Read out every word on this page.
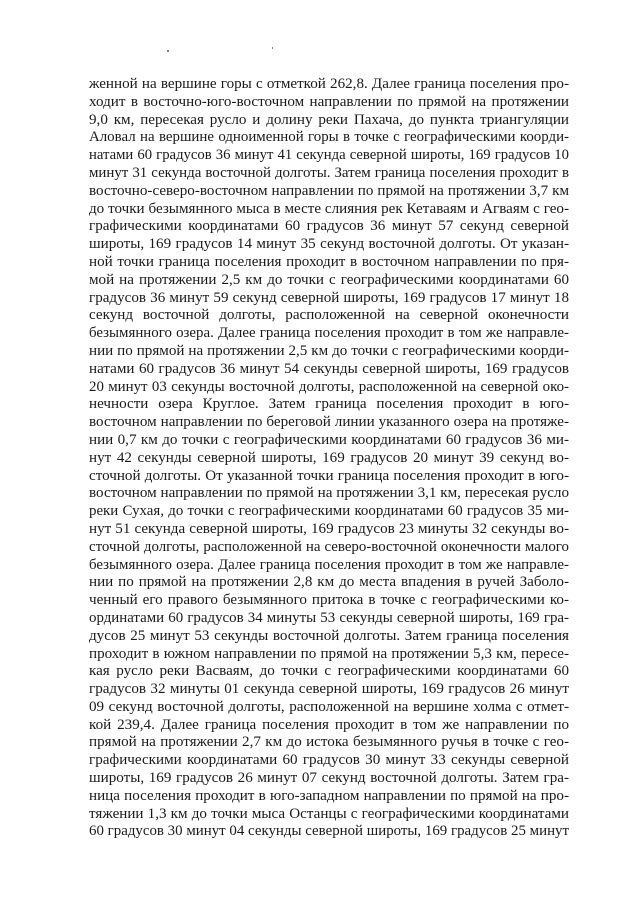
женной на вершине горы с отметкой 262,8. Далее граница поселения про-
ходит в восточно-юго-восточном направлении по прямой на протяжении
9,0 км, пересекая русло и долину реки Пахача, до пункта триангуляции
Аловал на вершине одноименной горы в точке с географическими коорди-
натами 60 градусов 36 минут 41 секунда северной широты, 169 градусов 10
минут 31 секунда восточной долготы. Затем граница поселения проходит в
восточно-северо-восточном направлении по прямой на протяжении 3,7 км
до точки безымянного мыса в месте слияния рек Кетаваям и Агваям с гео-
графическими координатами 60 градусов 36 минут 57 секунд северной
широты, 169 градусов 14 минут 35 секунд восточной долготы. От указан-
ной точки граница поселения проходит в восточном направлении по пря-
мой на протяжении 2,5 км до точки с географическими координатами 60
градусов 36 минут 59 секунд северной широты, 169 градусов 17 минут 18
секунд восточной долготы, расположенной на северной оконечности
безымянного озера. Далее граница поселения проходит в том же направле-
нии по прямой на протяжении 2,5 км до точки с географическими коорди-
натами 60 градусов 36 минут 54 секунды северной широты, 169 градусов
20 минут 03 секунды восточной долготы, расположенной на северной око-
нечности озера Круглое. Затем граница поселения проходит в юго-
восточном направлении по береговой линии указанного озера на протяже-
нии 0,7 км до точки с географическими координатами 60 градусов 36 ми-
нут 42 секунды северной широты, 169 градусов 20 минут 39 секунд во-
сточной долготы. От указанной точки граница поселения проходит в юго-
восточном направлении по прямой на протяжении 3,1 км, пересекая русло
реки Сухая, до точки с географическими координатами 60 градусов 35 ми-
нут 51 секунда северной широты, 169 градусов 23 минуты 32 секунды во-
сточной долготы, расположенной на северо-восточной оконечности малого
безымянного озера. Далее граница поселения проходит в том же направле-
нии по прямой на протяжении 2,8 км до места впадения в ручей Заболо-
ченный его правого безымянного притока в точке с географическими ко-
ординатами 60 градусов 34 минуты 53 секунды северной широты, 169 гра-
дусов 25 минут 53 секунды восточной долготы. Затем граница поселения
проходит в южном направлении по прямой на протяжении 5,3 км, пересе-
кая русло реки Васваям, до точки с географическими координатами 60
градусов 32 минуты 01 секунда северной широты, 169 градусов 26 минут
09 секунд восточной долготы, расположенной на вершине холма с отмет-
кой 239,4. Далее граница поселения проходит в том же направлении по
прямой на протяжении 2,7 км до истока безымянного ручья в точке с гео-
графическими координатами 60 градусов 30 минут 33 секунды северной
широты, 169 градусов 26 минут 07 секунд восточной долготы. Затем гра-
ница поселения проходит в юго-западном направлении по прямой на про-
тяжении 1,3 км до точки мыса Останцы с географическими координатами
60 градусов 30 минут 04 секунды северной широты, 169 градусов 25 минут
